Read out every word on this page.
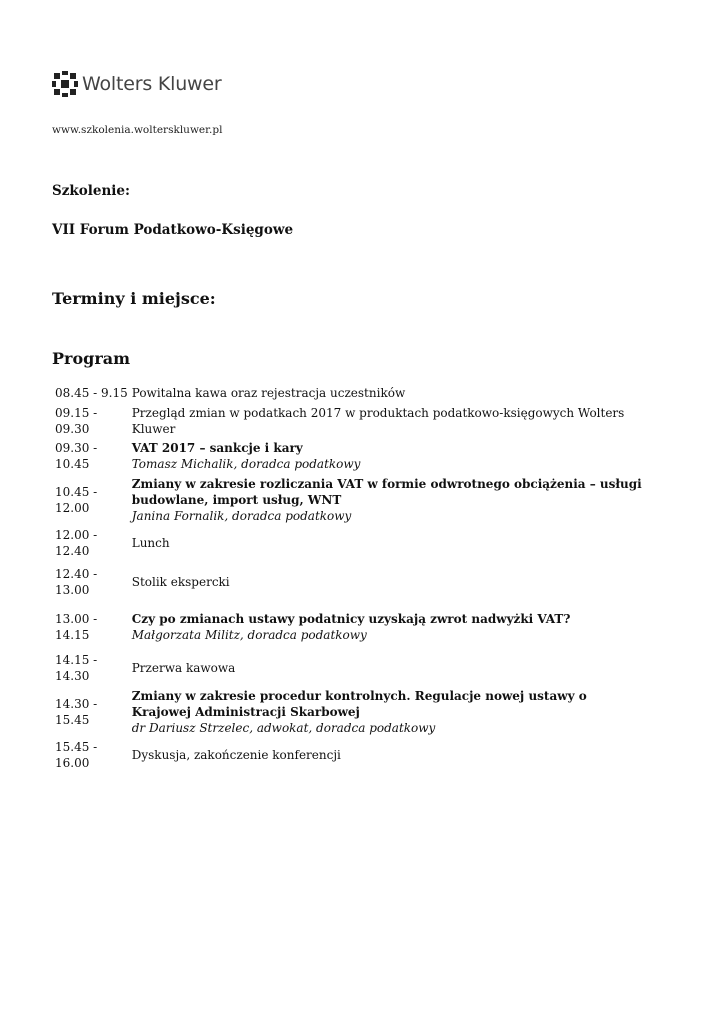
Wolters Kluwer
www.szkolenia.wolterskluwer.pl
Szkolenie:
VII Forum Podatkowo-Księgowe
Terminy i miejsce:
Program
08.45 - 9.15	Powitalna kawa oraz rejestracja uczestników

09.15 - 09.30	Przegląd zmian w podatkach 2017 w produktach podatkowo-księgowych Wolters Kluwer

09.30 - 10.45	VAT 2017 – sankcje i kary
Tomasz Michalik, doradca podatkowy

10.45 - 12.00	Zmiany w zakresie rozliczania VAT w formie odwrotnego obciążenia – usługi budowlane, import usług, WNT
Janina Fornalik, doradca podatkowy

12.00 - 12.40	Lunch

12.40 - 13.00	Stolik ekspercki

13.00 - 14.15	Czy po zmianach ustawy podatnicy uzyskają zwrot nadwyżki VAT?
Małgorzata Militz, doradca podatkowy

14.15 - 14.30	Przerwa kawowa

14.30 - 15.45	Zmiany w zakresie procedur kontrolnych. Regulacje nowej ustawy o Krajowej Administracji Skarbowej
dr Dariusz Strzelec, adwokat, doradca podatkowy

15.45 - 16.00	Dyskusja, zakończenie konferencji
